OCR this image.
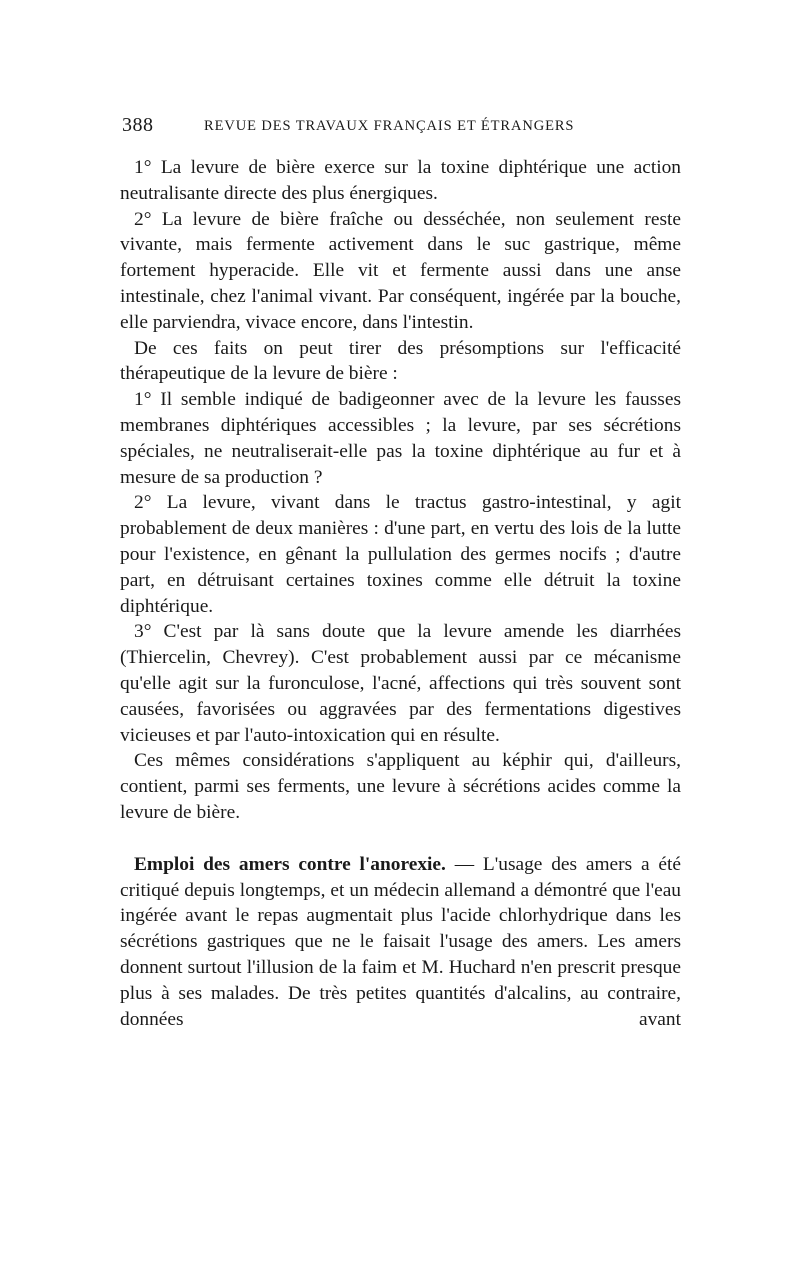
388	REVUE DES TRAVAUX FRANÇAIS ET ÉTRANGERS

1° La levure de bière exerce sur la toxine diphtérique une action neutralisante directe des plus énergiques.

2° La levure de bière fraîche ou desséchée, non seulement reste vivante, mais fermente activement dans le suc gastrique, même fortement hyperacide. Elle vit et fermente aussi dans une anse intestinale, chez l'animal vivant. Par conséquent, ingérée par la bouche, elle parviendra, vivace encore, dans l'intestin.

De ces faits on peut tirer des présomptions sur l'efficacité thérapeutique de la levure de bière :

1° Il semble indiqué de badigeonner avec de la levure les fausses membranes diphtériques accessibles ; la levure, par ses sécrétions spéciales, ne neutraliserait-elle pas la toxine diphtérique au fur et à mesure de sa production ?

2° La levure, vivant dans le tractus gastro-intestinal, y agit probablement de deux manières : d'une part, en vertu des lois de la lutte pour l'existence, en gênant la pullulation des germes nocifs ; d'autre part, en détruisant certaines toxines comme elle détruit la toxine diphtérique.

3° C'est par là sans doute que la levure amende les diarrhées (Thiercelin, Chevrey). C'est probablement aussi par ce mécanisme qu'elle agit sur la furonculose, l'acné, affections qui très souvent sont causées, favorisées ou aggravées par des fermentations digestives vicieuses et par l'auto-intoxication qui en résulte.

Ces mêmes considérations s'appliquent au képhir qui, d'ailleurs, contient, parmi ses ferments, une levure à sécrétions acides comme la levure de bière.

Emploi des amers contre l'anorexie. — L'usage des amers a été critiqué depuis longtemps, et un médecin allemand a démontré que l'eau ingérée avant le repas augmentait plus l'acide chlorhydrique dans les sécrétions gastriques que ne le faisait l'usage des amers. Les amers donnent surtout l'illusion de la faim et M. Huchard n'en prescrit presque plus à ses malades. De très petites quantités d'alcalins, au contraire, données avant
